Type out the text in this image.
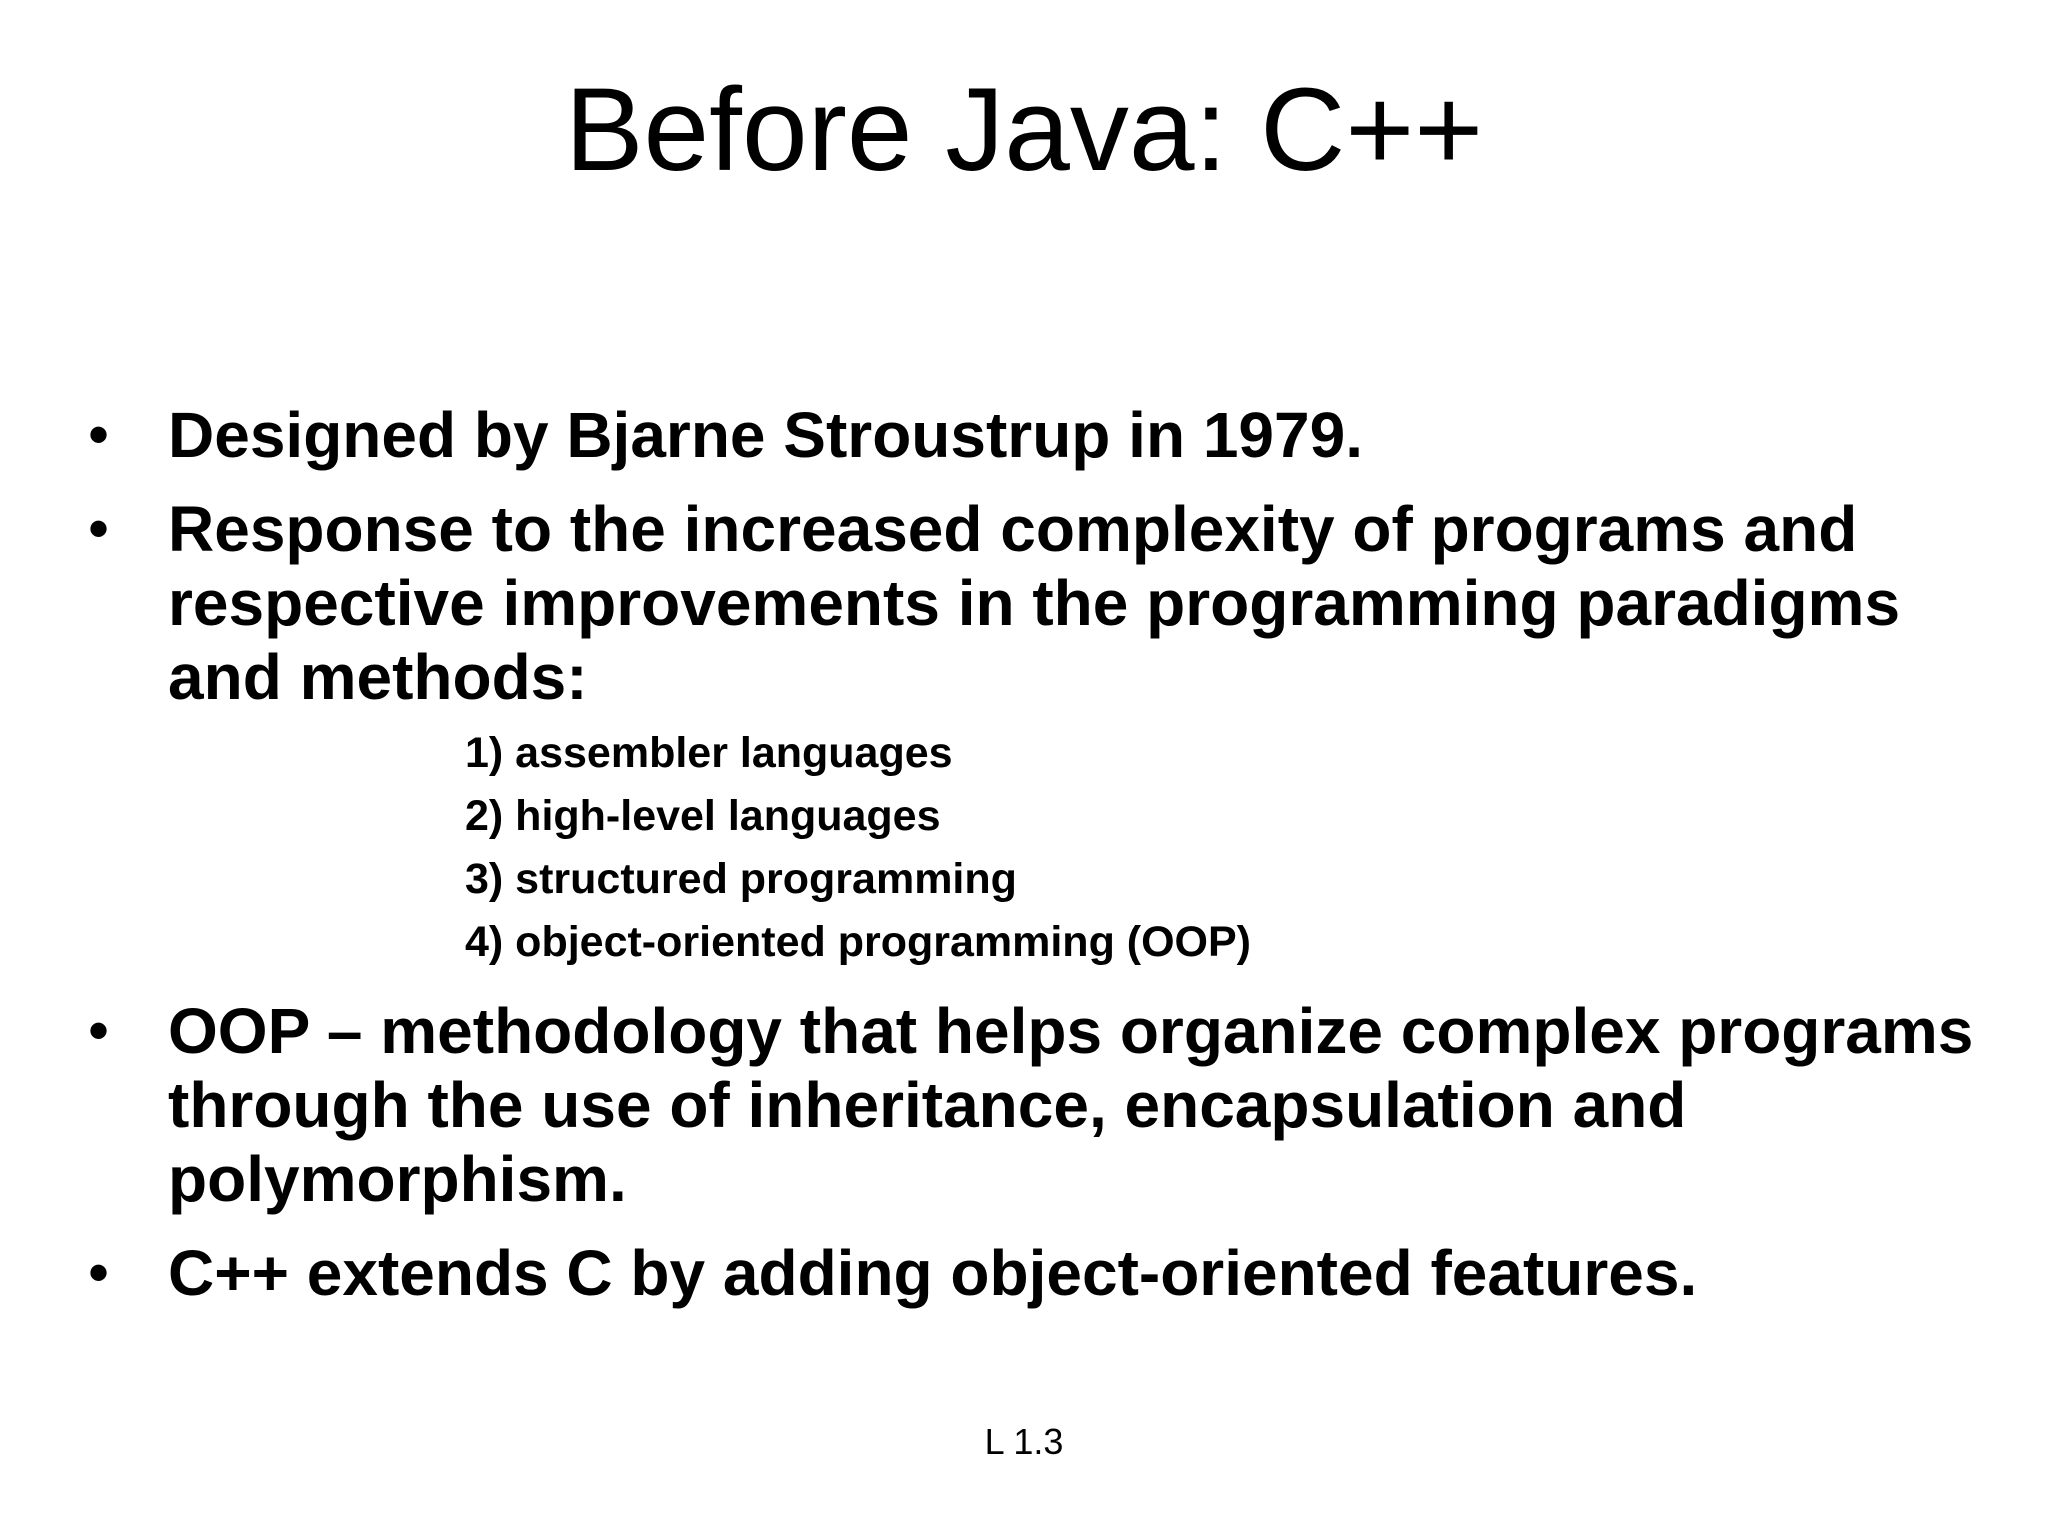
Before Java: C++
• Designed by Bjarne Stroustrup in 1979.
• Response to the increased complexity of programs and respective improvements in the programming paradigms and methods:
1) assembler languages
2) high-level languages
3) structured programming
4) object-oriented programming (OOP)
• OOP – methodology that helps organize complex programs through the use of inheritance, encapsulation and polymorphism.
• C++ extends C by adding object-oriented features.
L 1.3
